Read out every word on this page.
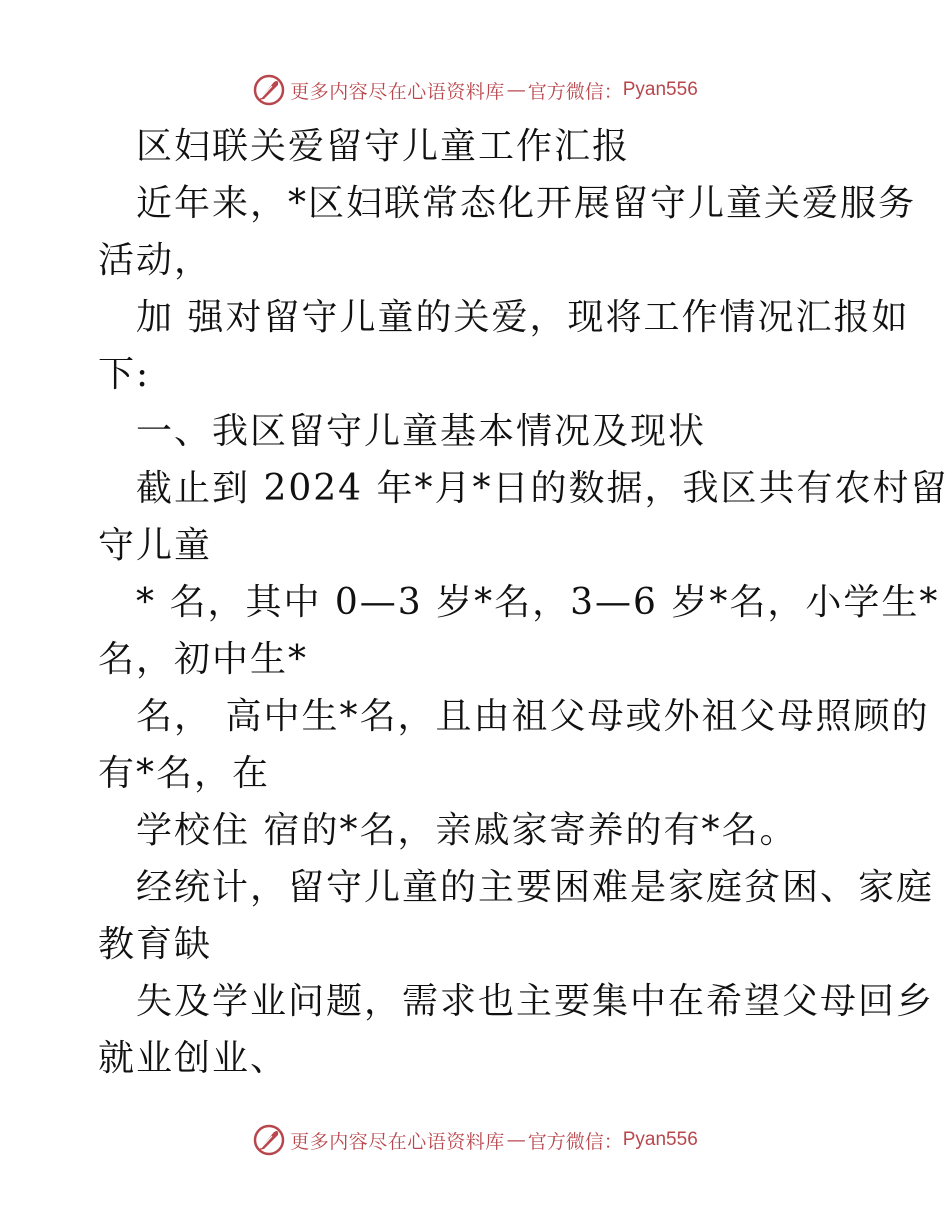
更多内容尽在心语资料库 — 官方微信： Pyan556
区妇联关爱留守儿童工作汇报
近年来，*区妇联常态化开展留守儿童关爱服务
活动，
加 强对留守儿童的关爱，现将工作情况汇报如
下:
一、我区留守儿童基本情况及现状
截止到 2024 年*月*日的数据，我区共有农村留
守儿童
* 名，其中 0—3 岁*名，3—6 岁*名，小学生*
名，初中生*
名， 高中生*名，且由祖父母或外祖父母照顾的
有*名，在
学校住 宿的*名，亲戚家寄养的有*名。
经统计，留守儿童的主要困难是家庭贫困、家庭
教育缺
失及学业问题，需求也主要集中在希望父母回乡
就业创业、
更多内容尽在心语资料库 — 官方微信： Pyan556
